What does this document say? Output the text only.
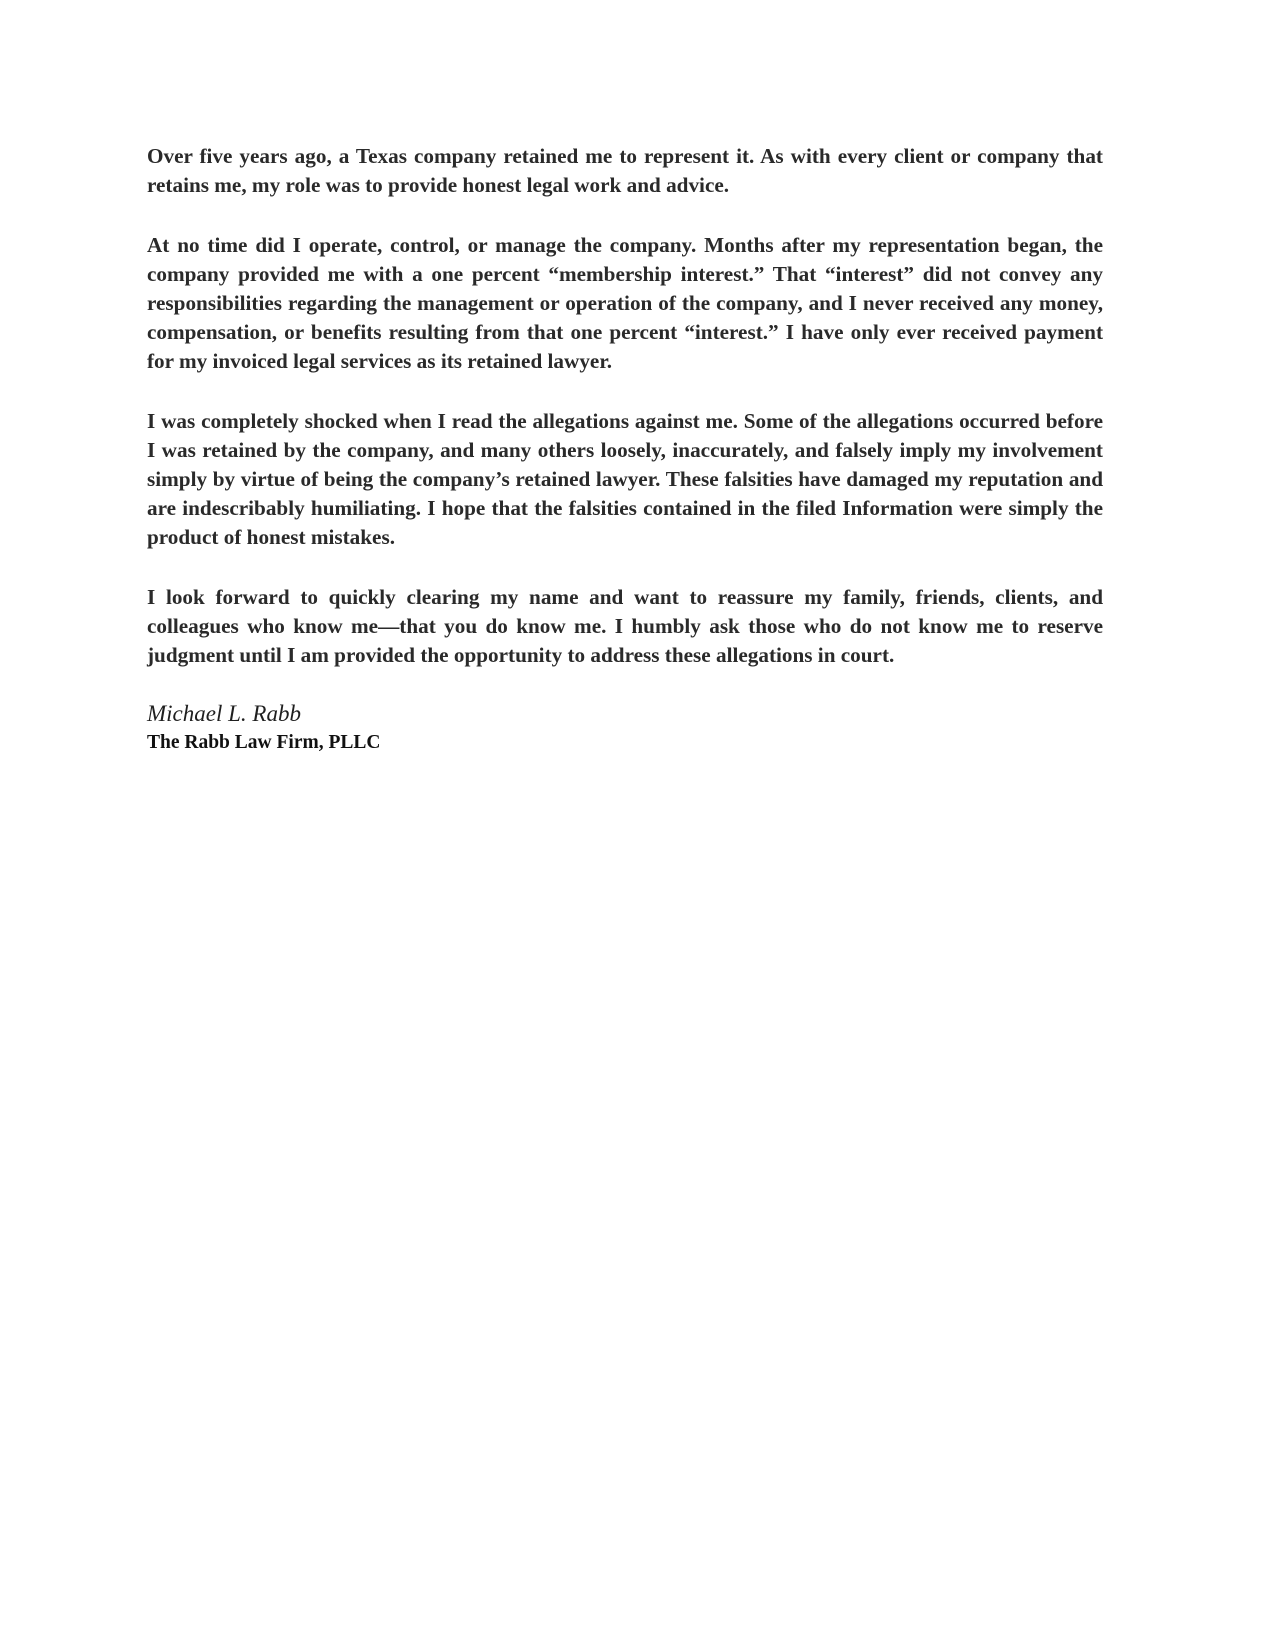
Over five years ago, a Texas company retained me to represent it. As with every client or company that retains me, my role was to provide honest legal work and advice.

At no time did I operate, control, or manage the company. Months after my representation began, the company provided me with a one percent “membership interest.” That “interest” did not convey any responsibilities regarding the management or operation of the company, and I never received any money, compensation, or benefits resulting from that one percent “interest.” I have only ever received payment for my invoiced legal services as its retained lawyer.

I was completely shocked when I read the allegations against me. Some of the allegations occurred before I was retained by the company, and many others loosely, inaccurately, and falsely imply my involvement simply by virtue of being the company’s retained lawyer. These falsities have damaged my reputation and are indescribably humiliating. I hope that the falsities contained in the filed Information were simply the product of honest mistakes.

I look forward to quickly clearing my name and want to reassure my family, friends, clients, and colleagues who know me—that you do know me. I humbly ask those who do not know me to reserve judgment until I am provided the opportunity to address these allegations in court.

Michael L. Rabb

The Rabb Law Firm, PLLC
